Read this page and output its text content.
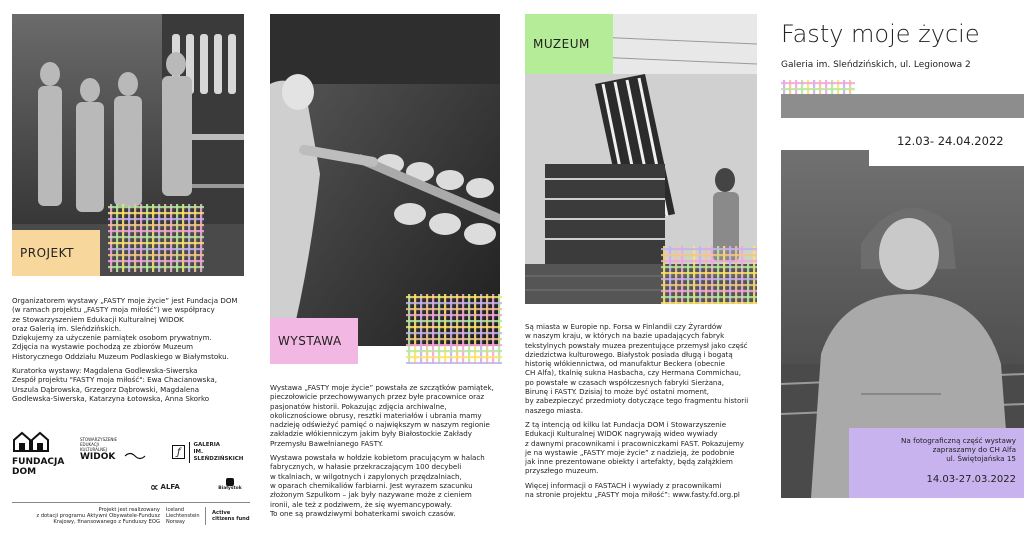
PROJEKT

Organizatorem wystawy „FASTY moje życie” jest Fundacja DOM
(w ramach projektu „FASTY moja miłość”) we współpracy
ze Stowarzyszeniem Edukacji Kulturalnej WIDOK
oraz Galerią im. Sleńdzińskich.
Dziękujemy za użyczenie pamiątek osobom prywatnym.
Zdjęcia na wystawie pochodzą ze zbiorów Muzeum
Historycznego Oddziału Muzeum Podlaskiego w Białymstoku.

Kuratorka wystawy: Magdalena Godlewska-Siwerska
Zespół projektu "FASTY moja miłość": Ewa Chacianowska,
Urszula Dąbrowska, Grzegorz Dąbrowski, Magdalena
Godlewska-Siwerska, Katarzyna Łotowska, Anna Skorko

FUNDACJA DOM
STOWARZYSZENIE EDUKACJI KULTURALNEJ
WIDOK	ƒ
GALERIA
IM. SLEŃDZIŃSKICH
∝ ALFA	Białystok
Projekt jest realizowany
z dotacji programu Aktywni Obywatele-Fundusz
Krajowy, finansowanego z Funduszy EOG
Iceland
Liechtenstein
Norway
Active
citizens fund
WYSTAWA

Wystawa „FASTY moje życie” powstała ze szczątków pamiątek,
pieczołowicie przechowywanych przez byłe pracownice oraz
pasjonatów historii. Pokazując zdjęcia archiwalne,
okolicznościowe obrusy, resztki materiałów i ubrania mamy
nadzieję odświeżyć pamięć o największym w naszym regionie
zakładzie włókienniczym jakim były Białostockie Zakłady
Przemysłu Bawełnianego FASTY.

Wystawa powstała w hołdzie kobietom pracującym w halach
fabrycznych, w hałasie przekraczającym 100 decybeli
w tkalniach, w wilgotnych i zapylonych przędzalniach,
w oparach chemikaliów farbiarni. Jest wyrazem szacunku
złożonym Szpulkom – jak były nazywane może z cieniem
ironii, ale też z podziwem, że się wyemancypowały.
To one są prawdziwymi bohaterkami swoich czasów.

MUZEUM

Są miasta w Europie np. Forsa w Finlandii czy Żyrardów
w naszym kraju, w których na bazie upadających fabryk
tekstylnych powstały muzea prezentujące przemysł jako część
dziedzictwa kulturowego. Białystok posiada długą i bogatą
historię włókiennictwa, od manufaktur Beckera (obecnie
CH Alfa), tkalnię sukna Hasbacha, czy Hermana Commichau,
po powstałe w czasach współczesnych fabryki Sierżana,
Birunę i FASTY. Dzisiaj to może być ostatni moment,
by zabezpieczyć przedmioty dotyczące tego fragmentu historii
naszego miasta.

Z tą intencją od kilku lat Fundacja DOM i Stowarzyszenie
Edukacji Kulturalnej WIDOK nagrywają wideo wywiady
z dawnymi pracownikami i pracowniczkami FAST. Pokazujemy
je na wystawie „FASTY moje życie” z nadzieją, że podobnie
jak inne prezentowane obiekty i artefakty, będą załążkiem
przyszłego muzeum.

Więcej informacji o FASTACH i wywiady z pracownikami
na stronie projektu „FASTY moja miłość”: www.fasty.fd.org.pl

Fasty moje życie
Galeria im. Sleńdzińskich, ul. Legionowa 2
12.03- 24.04.2022
Na fotograficzną część wystawy
zapraszamy do CH Alfa
ul. Świętojańska 15
14.03-27.03.2022
